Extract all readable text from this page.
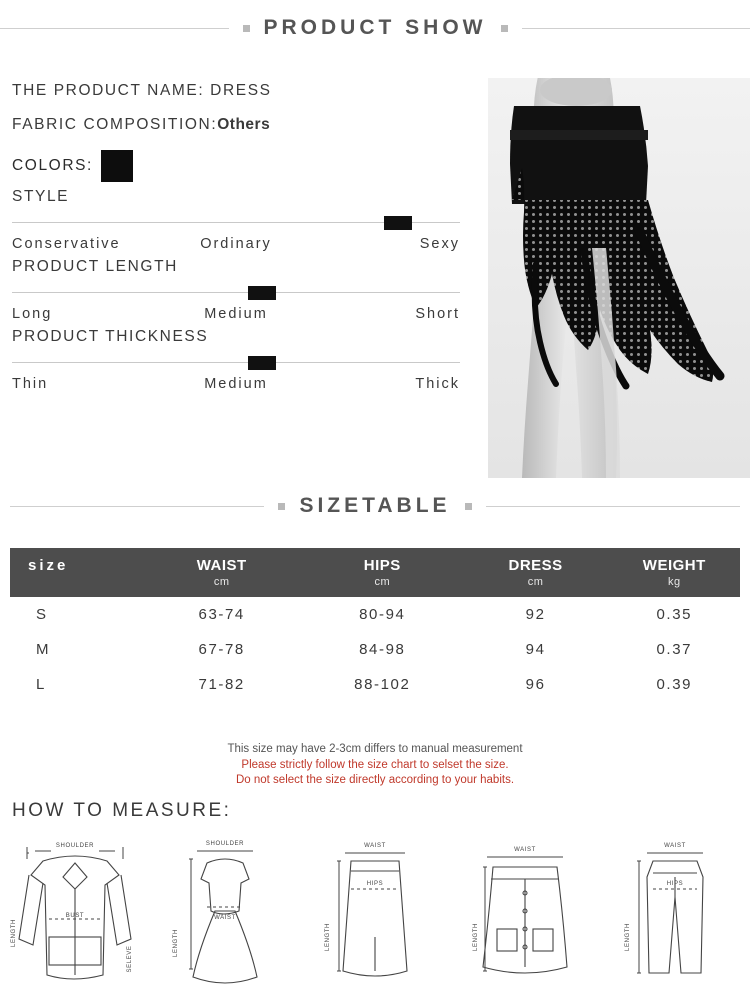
PRODUCT SHOW
THE PRODUCT NAME: DRESS
FABRIC COMPOSITION:Others
COLORS:
STYLE
Conservative	Ordinary	Sexy
PRODUCT LENGTH
Long	Medium	Short
PRODUCT THICKNESS
Thin	Medium	Thick
SIZETABLE
size	WAIST	HIPS	DRESS	WEIGHT
	cm	cm	cm	kg
S	63-74	80-94	92	0.35
M	67-78	84-98	94	0.37
L	71-82	88-102	96	0.39
This size may have 2-3cm differs to manual measurement
Please strictly follow the size chart to selset the size.
Do not select the size directly according to your habits.
HOW TO MEASURE:
SHOULDER
BUST
LENGTH
SELEVE
SHOULDER
WAIST
LENGTH
WAIST
HIPS
LENGTH
WAIST
LENGTH
WAIST
HIPS
LENGTH
